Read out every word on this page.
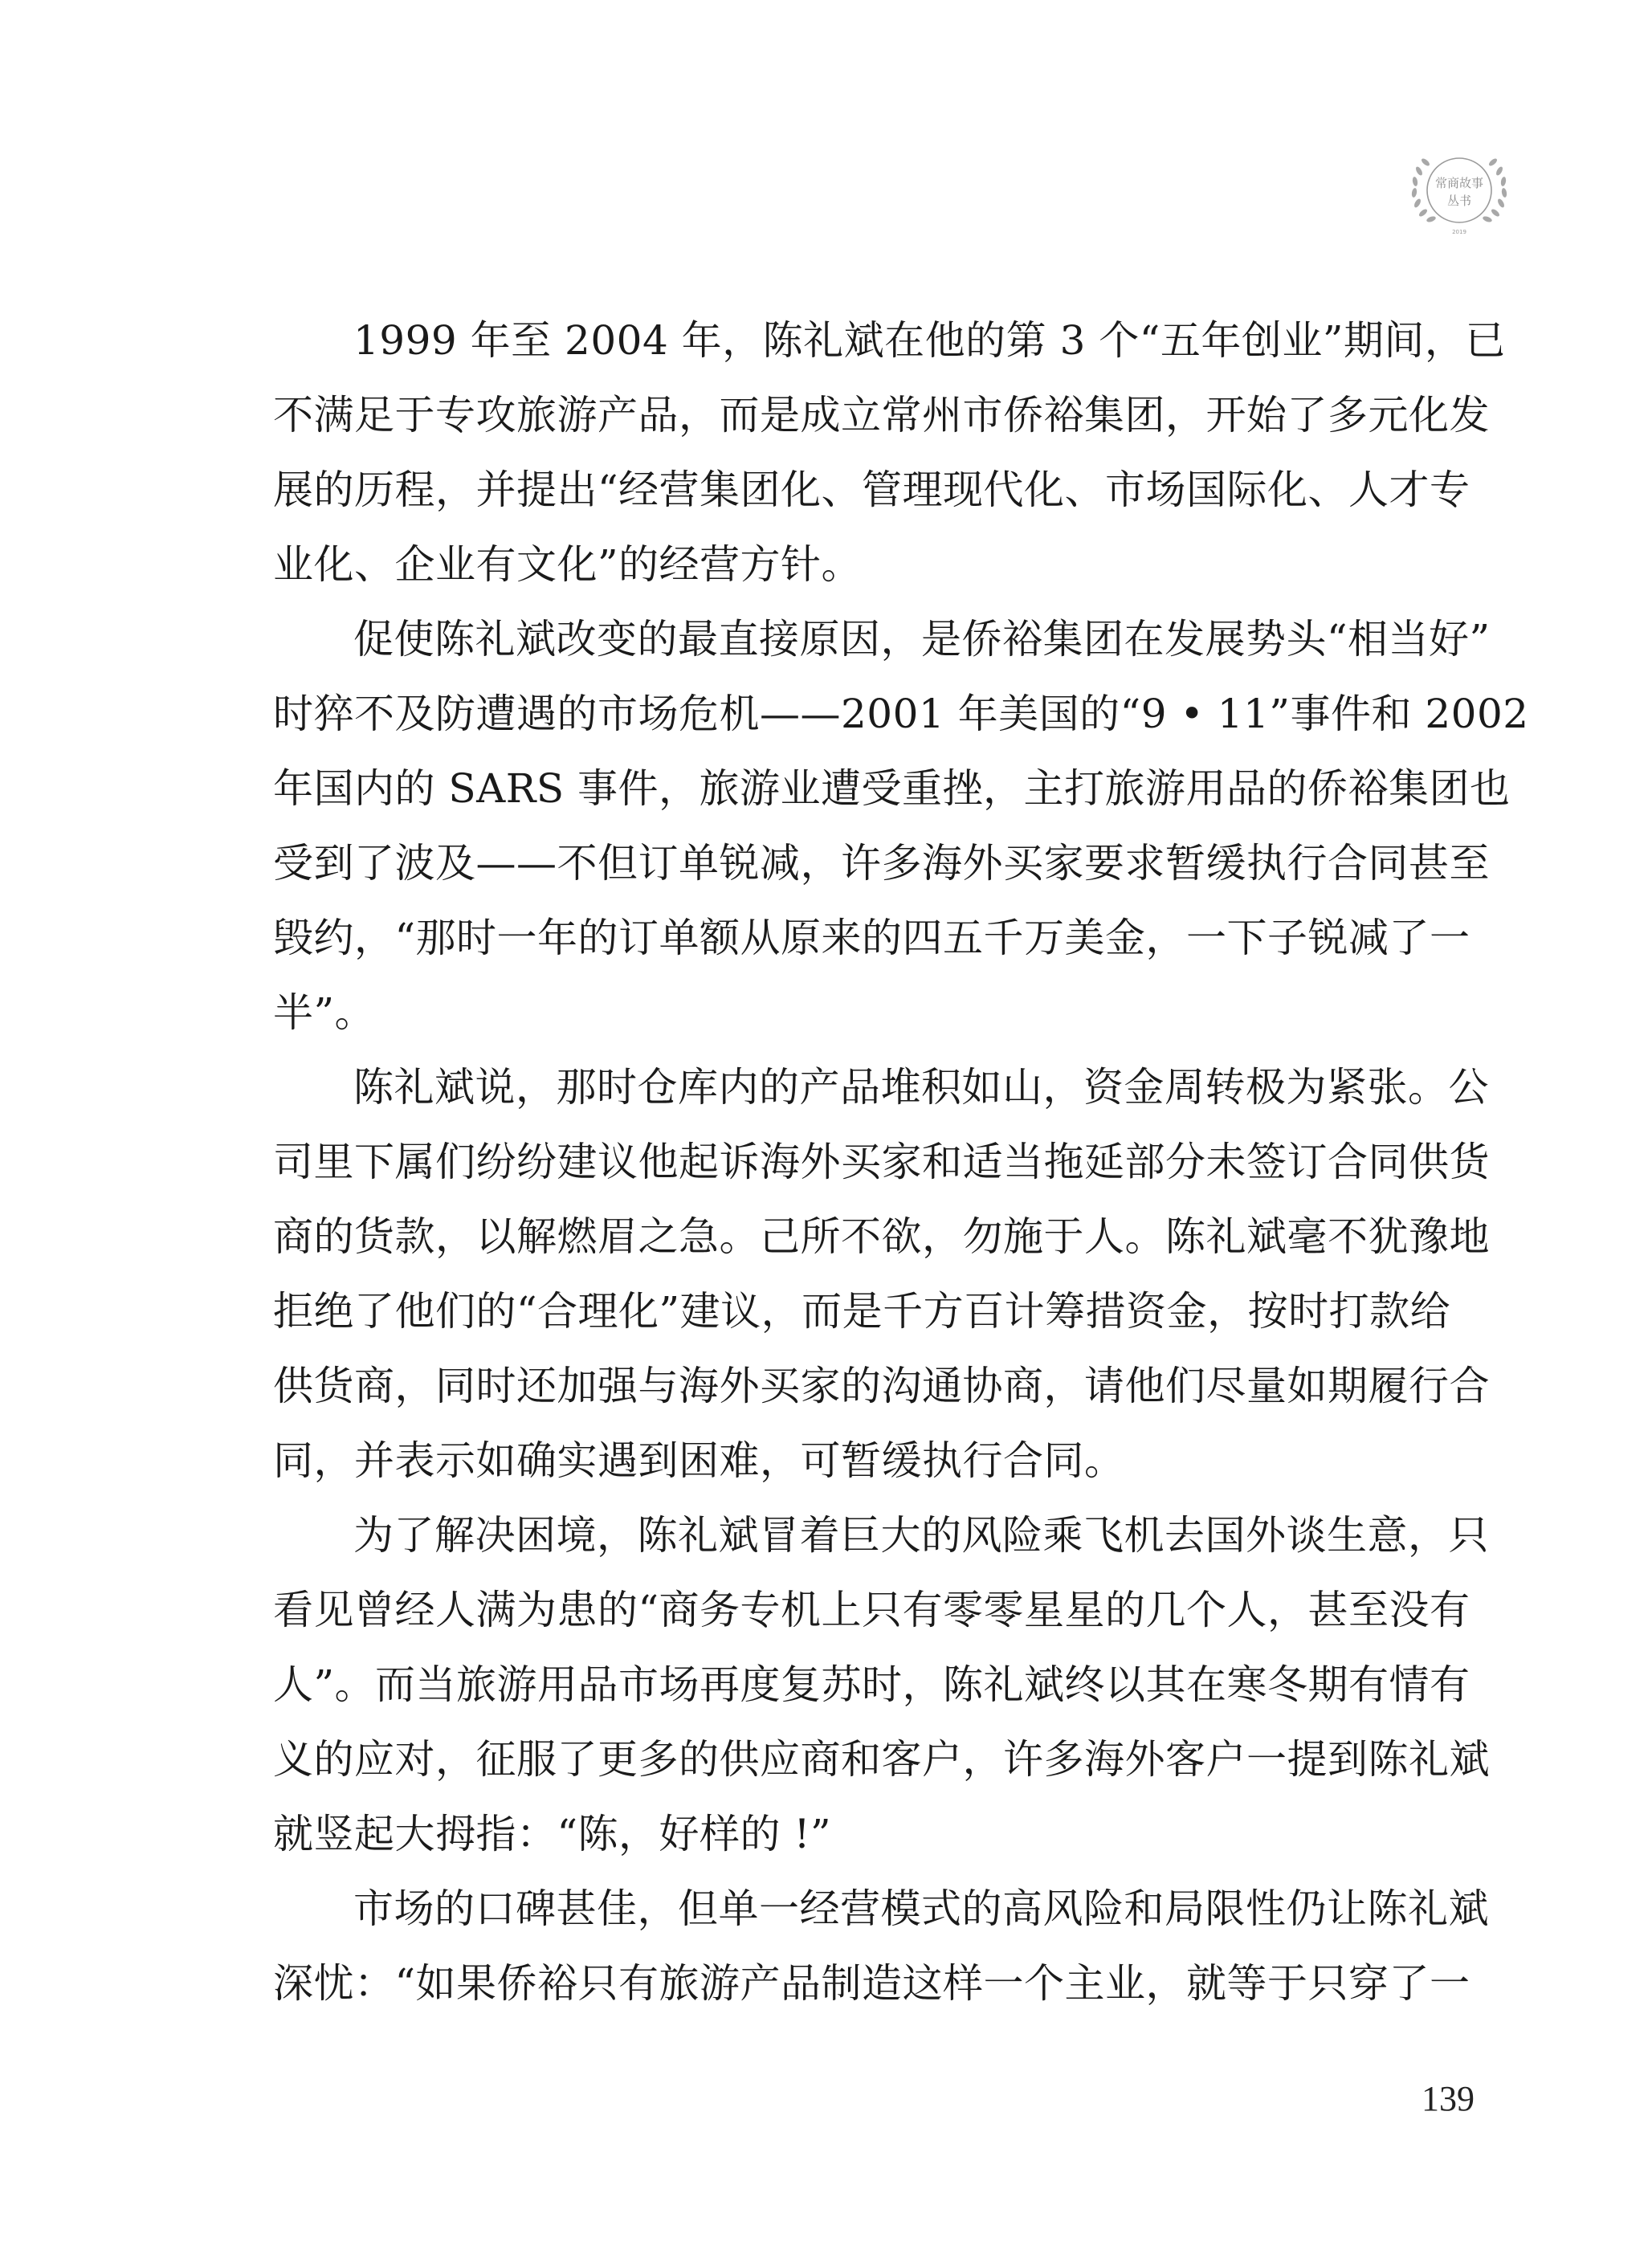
常商故事
丛书
2019
1999 年至 2004 年，陈礼斌在他的第 3 个“五年创业”期间，已
不满足于专攻旅游产品，而是成立常州市侨裕集团，开始了多元化发
展的历程，并提出“经营集团化、管理现代化、市场国际化、人才专
业化、企业有文化”的经营方针。
促使陈礼斌改变的最直接原因，是侨裕集团在发展势头“相当好”
时猝不及防遭遇的市场危机——2001 年美国的“9 • 11”事件和 2002
年国内的 SARS 事件，旅游业遭受重挫，主打旅游用品的侨裕集团也
受到了波及——不但订单锐减，许多海外买家要求暂缓执行合同甚至
毁约，“那时一年的订单额从原来的四五千万美金，一下子锐减了一
半”。
陈礼斌说，那时仓库内的产品堆积如山，资金周转极为紧张。公
司里下属们纷纷建议他起诉海外买家和适当拖延部分未签订合同供货
商的货款，以解燃眉之急。己所不欲，勿施于人。陈礼斌毫不犹豫地
拒绝了他们的“合理化”建议，而是千方百计筹措资金，按时打款给
供货商，同时还加强与海外买家的沟通协商，请他们尽量如期履行合
同，并表示如确实遇到困难，可暂缓执行合同。
为了解决困境，陈礼斌冒着巨大的风险乘飞机去国外谈生意，只
看见曾经人满为患的“商务专机上只有零零星星的几个人，甚至没有
人”。而当旅游用品市场再度复苏时，陈礼斌终以其在寒冬期有情有
义的应对，征服了更多的供应商和客户，许多海外客户一提到陈礼斌
就竖起大拇指：“陈，好样的 !”
市场的口碑甚佳，但单一经营模式的高风险和局限性仍让陈礼斌
深忧：“如果侨裕只有旅游产品制造这样一个主业，就等于只穿了一
139
